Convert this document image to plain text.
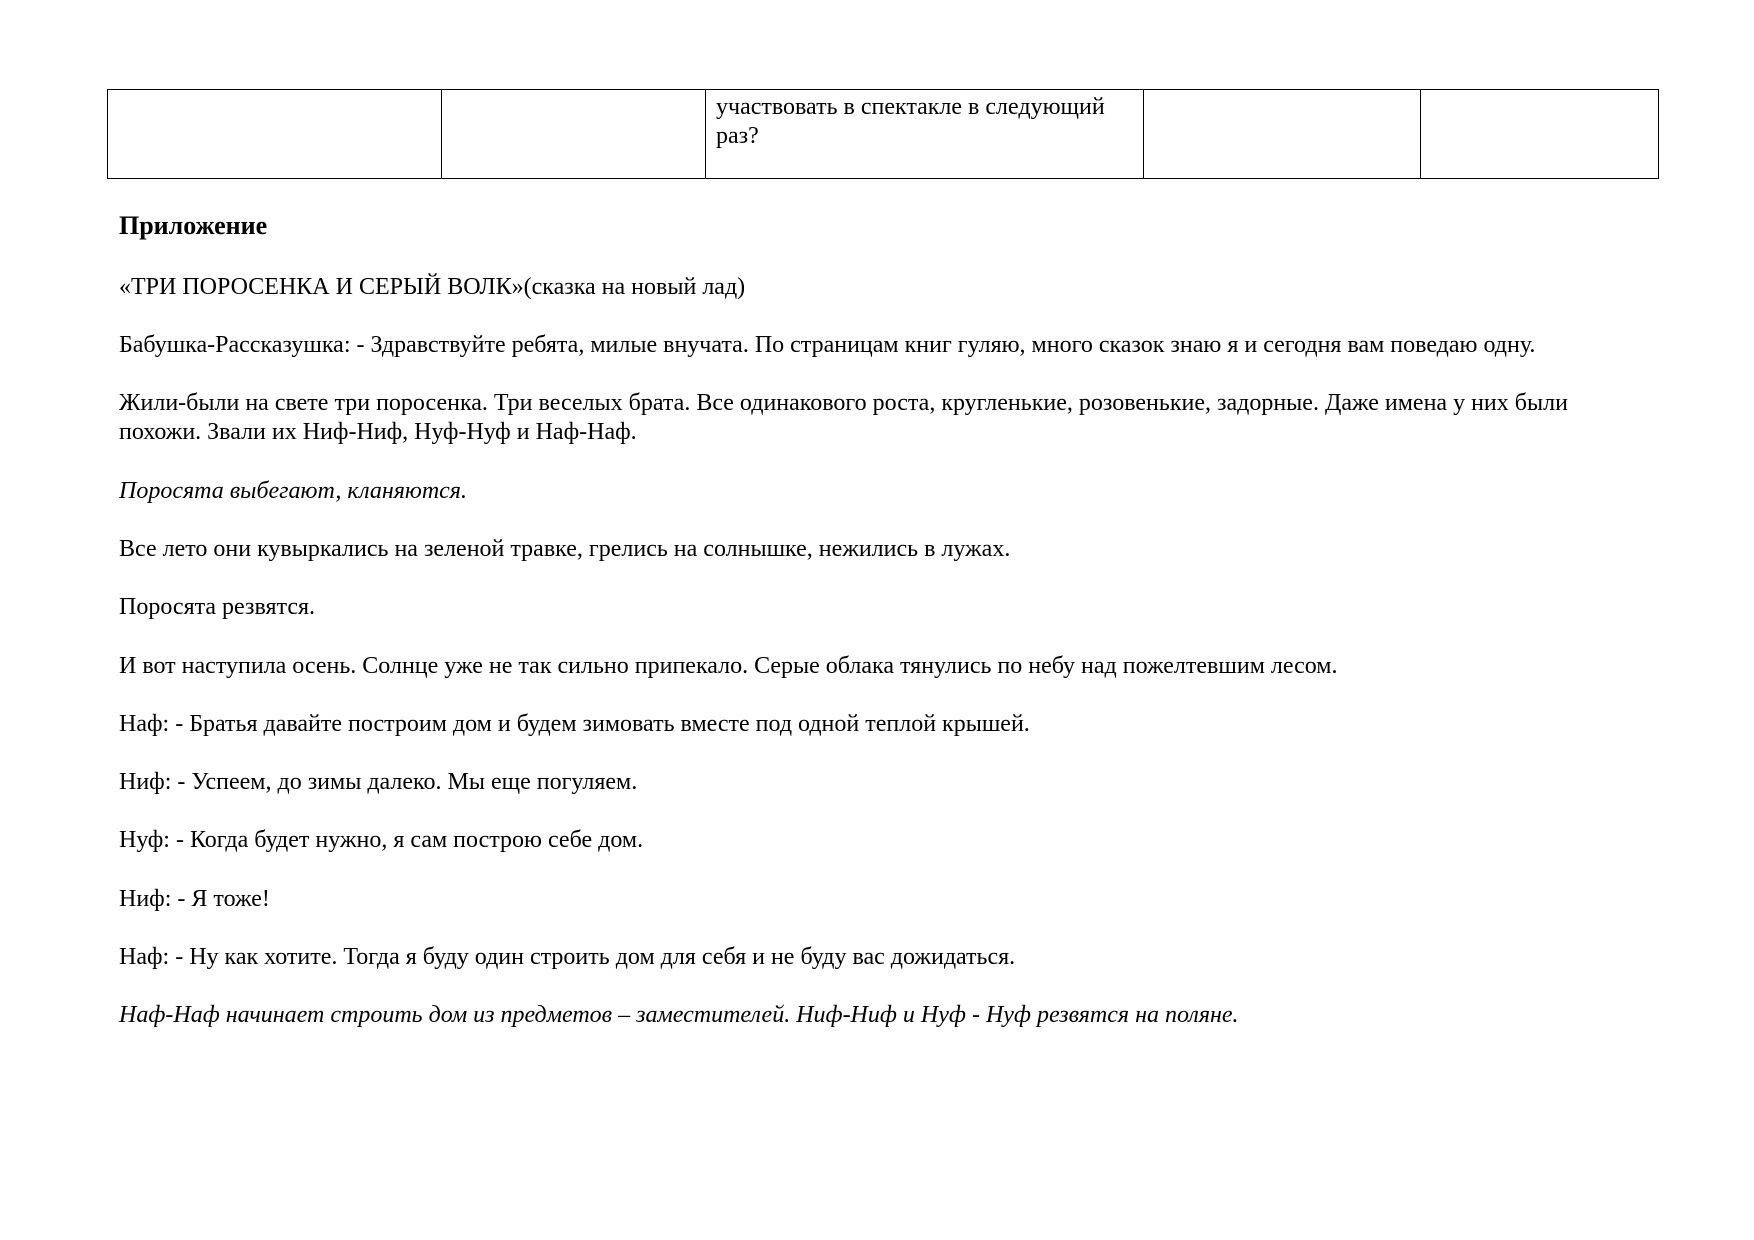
		участвовать в спектакле в следующий раз?		
Приложение
«ТРИ ПОРОСЕНКА И СЕРЫЙ ВОЛК»(сказка на новый лад)
Бабушка-Рассказушка: - Здравствуйте ребята, милые внучата. По страницам книг гуляю, много сказок знаю я и сегодня вам поведаю одну.
Жили-были на свете три поросенка. Три веселых брата. Все одинакового роста, кругленькие, розовенькие, задорные. Даже имена у них были
похожи. Звали их Ниф-Ниф, Нуф-Нуф и Наф-Наф.
Поросята выбегают, кланяются.
Все лето они кувыркались на зеленой травке, грелись на солнышке, нежились в лужах.
Поросята резвятся.
И вот наступила осень. Солнце уже не так сильно припекало. Серые облака тянулись по небу над пожелтевшим лесом.
Наф: - Братья давайте построим дом и будем зимовать вместе под одной теплой крышей.
Ниф: - Успеем, до зимы далеко. Мы еще погуляем.
Нуф: - Когда будет нужно, я сам построю себе дом.
Ниф: - Я тоже!
Наф: - Ну как хотите. Тогда я буду один строить дом для себя и не буду вас дожидаться.
Наф-Наф начинает строить дом из предметов – заместителей. Ниф-Ниф и Нуф - Нуф резвятся на поляне.
